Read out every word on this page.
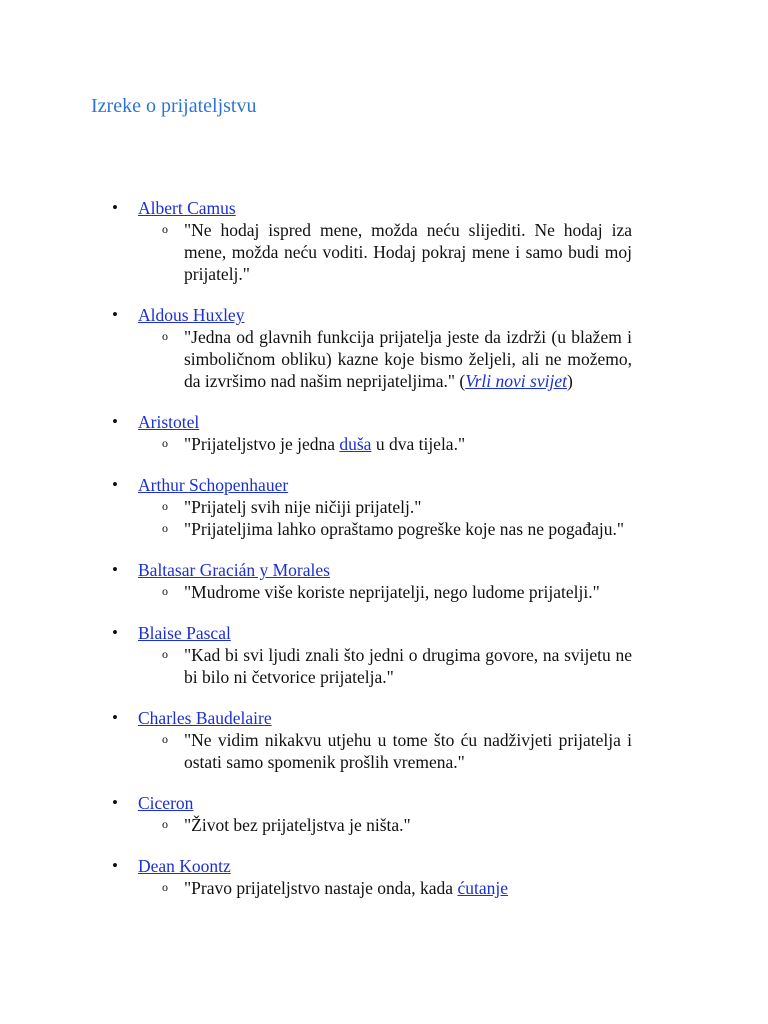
Izreke o prijateljstvu
• Albert Camus
o "Ne hodaj ispred mene, možda neću slijediti. Ne hodaj iza mene, možda neću voditi. Hodaj pokraj mene i samo budi moj prijatelj."
• Aldous Huxley
o "Jedna od glavnih funkcija prijatelja jeste da izdrži (u blažem i simboličnom obliku) kazne koje bismo željeli, ali ne možemo, da izvršimo nad našim neprijateljima." (Vrli novi svijet)
• Aristotel
o "Prijateljstvo je jedna duša u dva tijela."
• Arthur Schopenhauer
o "Prijatelj svih nije ničiji prijatelj."
o "Prijateljima lahko opraštamo pogreške koje nas ne pogađaju."
• Baltasar Gracián y Morales
o "Mudrome više koriste neprijatelji, nego ludome prijatelji."
• Blaise Pascal
o "Kad bi svi ljudi znali što jedni o drugima govore, na svijetu ne bi bilo ni četvorice prijatelja."
• Charles Baudelaire
o "Ne vidim nikakvu utjehu u tome što ću nadživjeti prijatelja i ostati samo spomenik prošlih vremena."
• Ciceron
o "Život bez prijateljstva je ništa."
• Dean Koontz
o "Pravo prijateljstvo nastaje onda, kada ćutanje
